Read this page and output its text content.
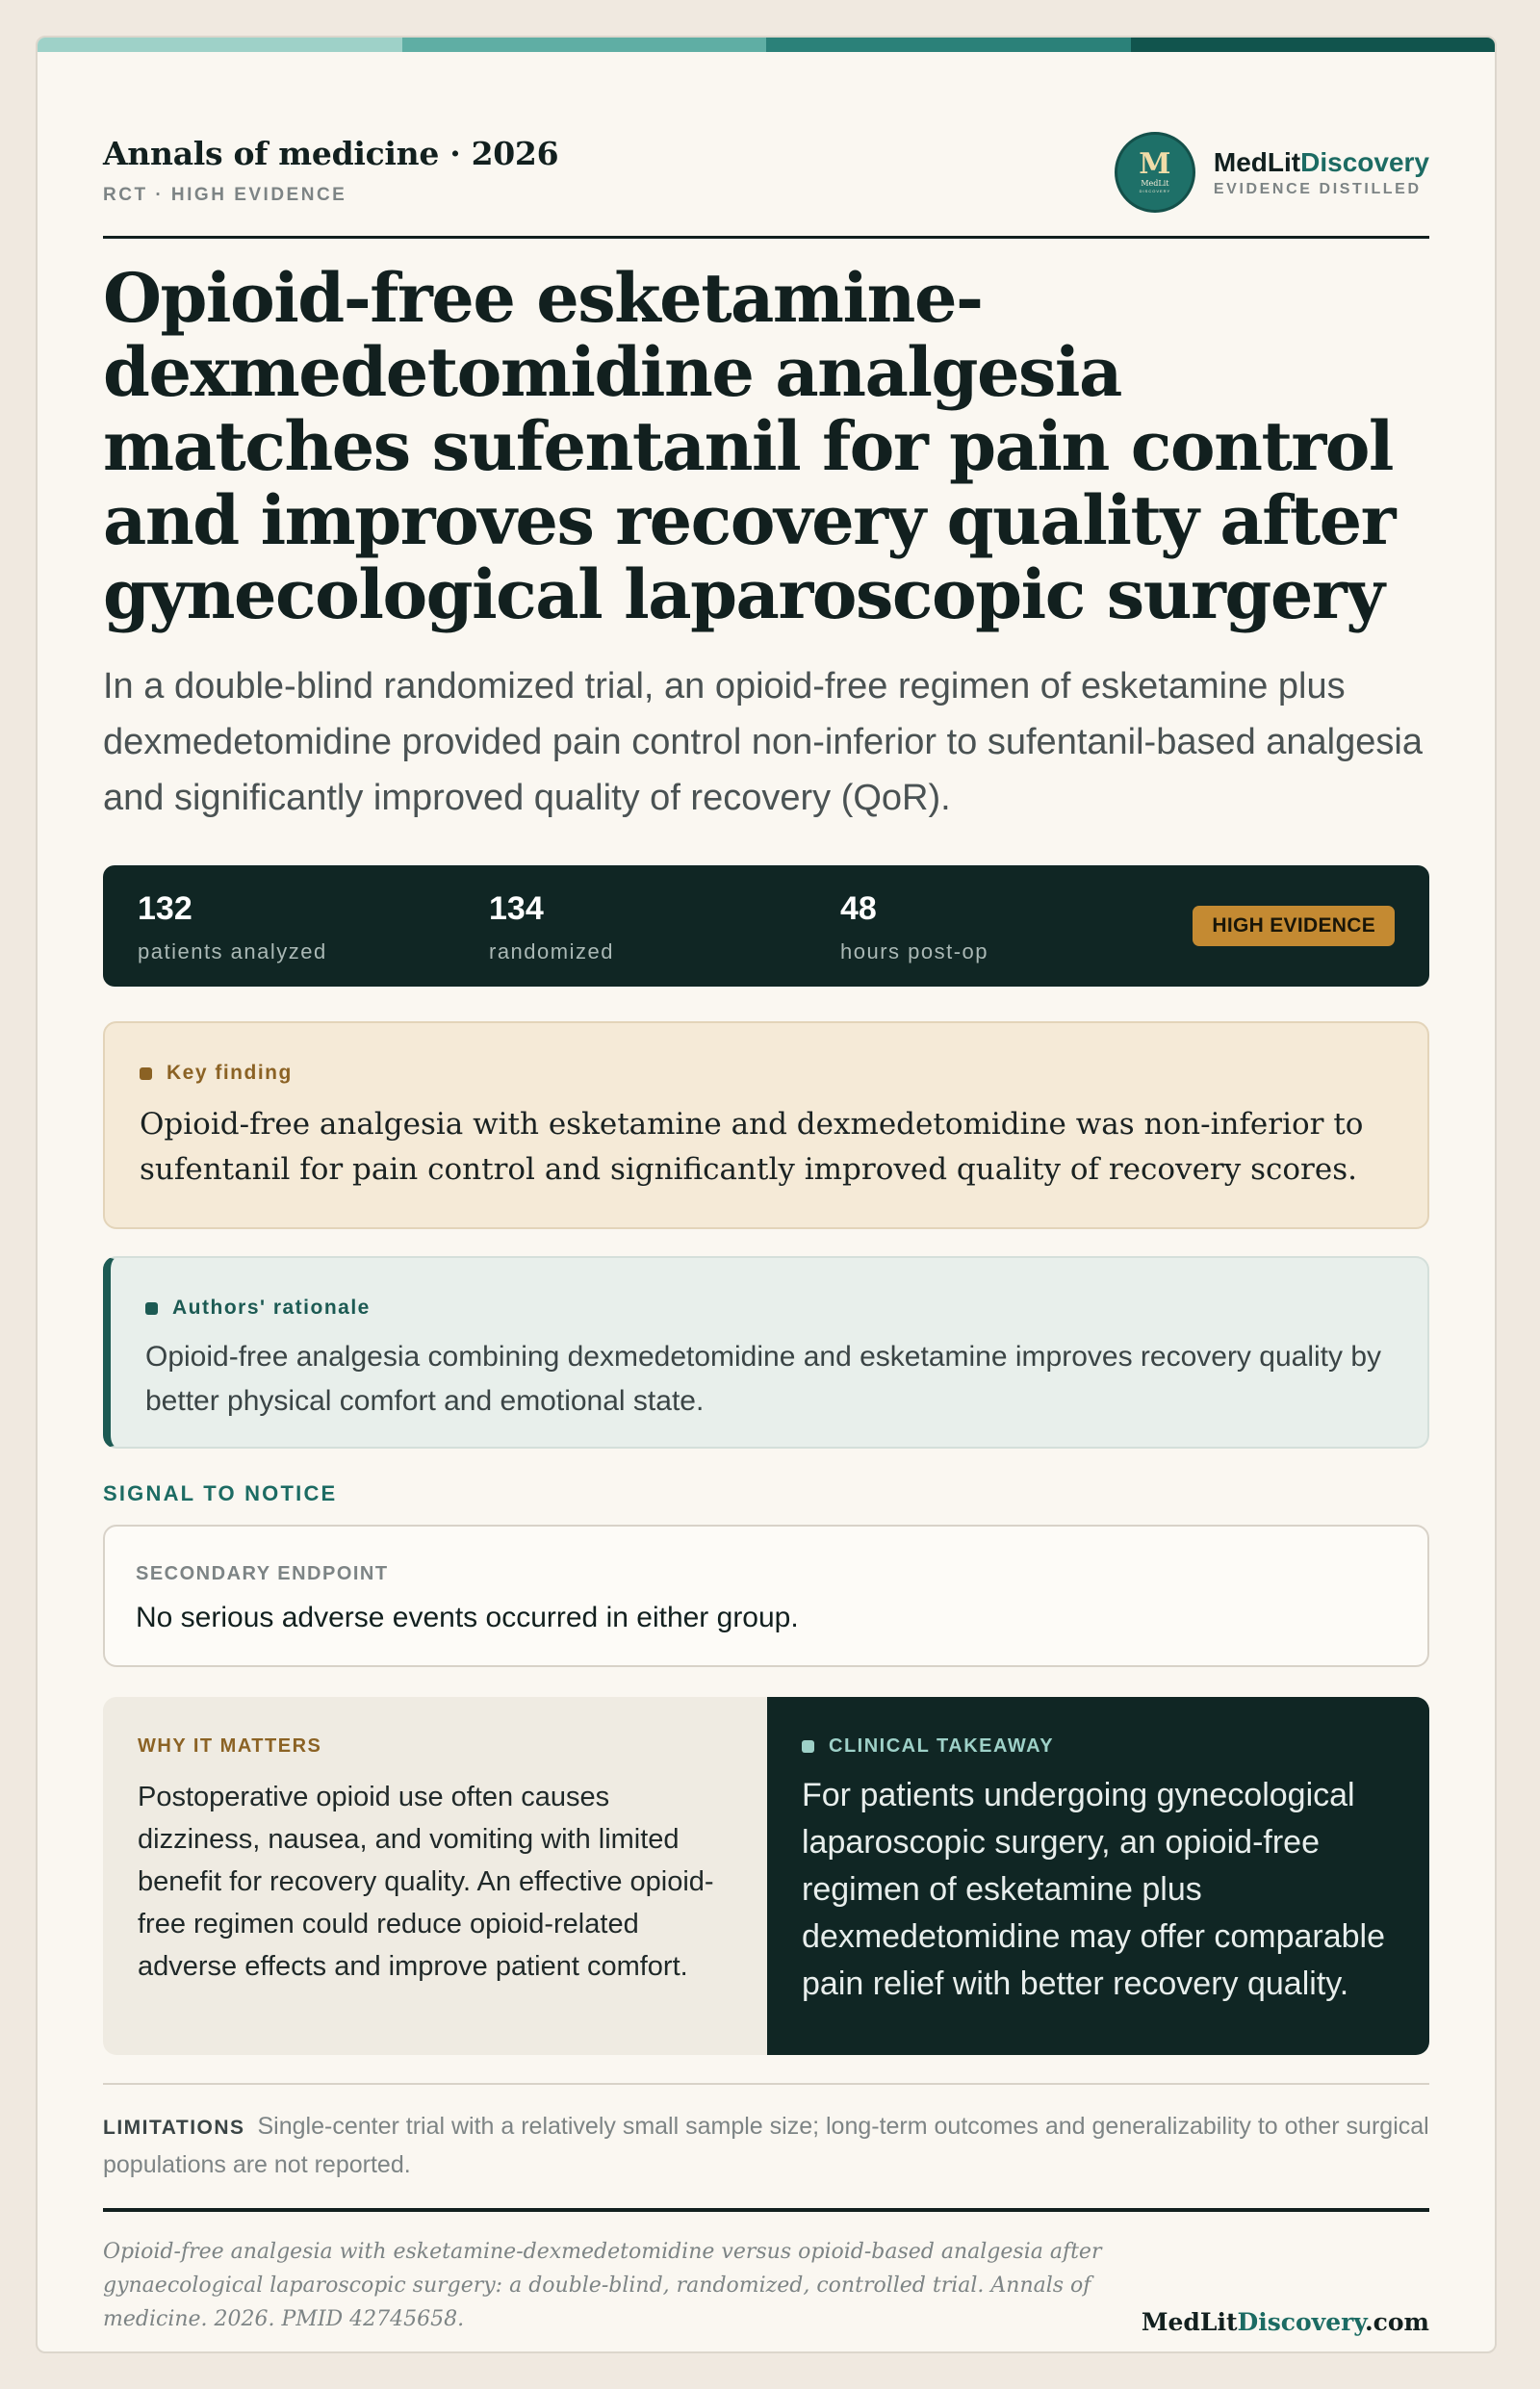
Annals of medicine · 2026
RCT · HIGH EVIDENCE
M
MedLit
DISCOVERY
MedLitDiscovery
EVIDENCE DISTILLED
Opioid-free esketamine-dexmedetomidine analgesia matches sufentanil for pain control and improves recovery quality after gynecological laparoscopic surgery

In a double-blind randomized trial, an opioid-free regimen of esketamine plus dexmedetomidine provided pain control non-inferior to sufentanil-based analgesia and significantly improved quality of recovery (QoR).

132
patients analyzed
134
randomized
48
hours post-op
HIGH EVIDENCE
Key finding

Opioid-free analgesia with esketamine and dexmedetomidine was non-inferior to sufentanil for pain control and significantly improved quality of recovery scores.

Authors' rationale

Opioid-free analgesia combining dexmedetomidine and esketamine improves recovery quality by better physical comfort and emotional state.

SIGNAL TO NOTICE
SECONDARY ENDPOINT
No serious adverse events occurred in either group.
WHY IT MATTERS

Postoperative opioid use often causes dizziness, nausea, and vomiting with limited benefit for recovery quality. An effective opioid-free regimen could reduce opioid-related adverse effects and improve patient comfort.

CLINICAL TAKEAWAY

For patients undergoing gynecological laparoscopic surgery, an opioid-free regimen of esketamine plus dexmedetomidine may offer comparable pain relief with better recovery quality.

LIMITATIONS Single-center trial with a relatively small sample size; long-term outcomes and generalizability to other surgical populations are not reported.

Opioid-free analgesia with esketamine-dexmedetomidine versus opioid-based analgesia after gynaecological laparoscopic surgery: a double-blind, randomized, controlled trial. Annals of medicine. 2026. PMID 42745658.	MedLitDiscovery.com
